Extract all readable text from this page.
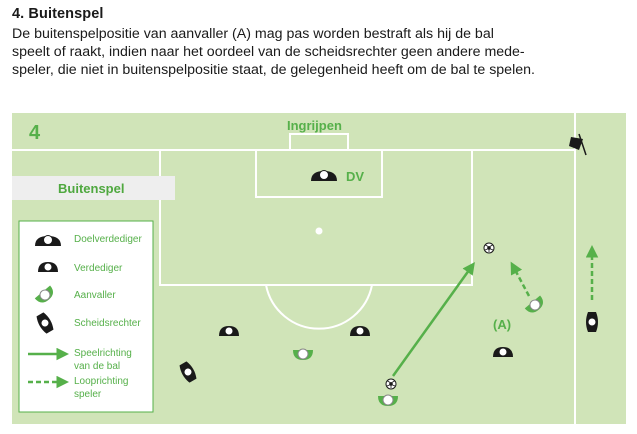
4. Buitenspel
De buitenspelpositie van aanvaller (A) mag pas worden bestraft als hij de bal
speelt of raakt, indien naar het oordeel van de scheidsrechter geen andere mede-
speler, die niet in buitenspelpositie staat, de gelegenheid heeft om de bal te spelen.
4	Ingrijpen
Buitenspel
DV
(A)
Doelverdediger
Verdediger
Aanvaller
Scheidsrechter
Speelrichting
van de bal
Looprichting
speler
